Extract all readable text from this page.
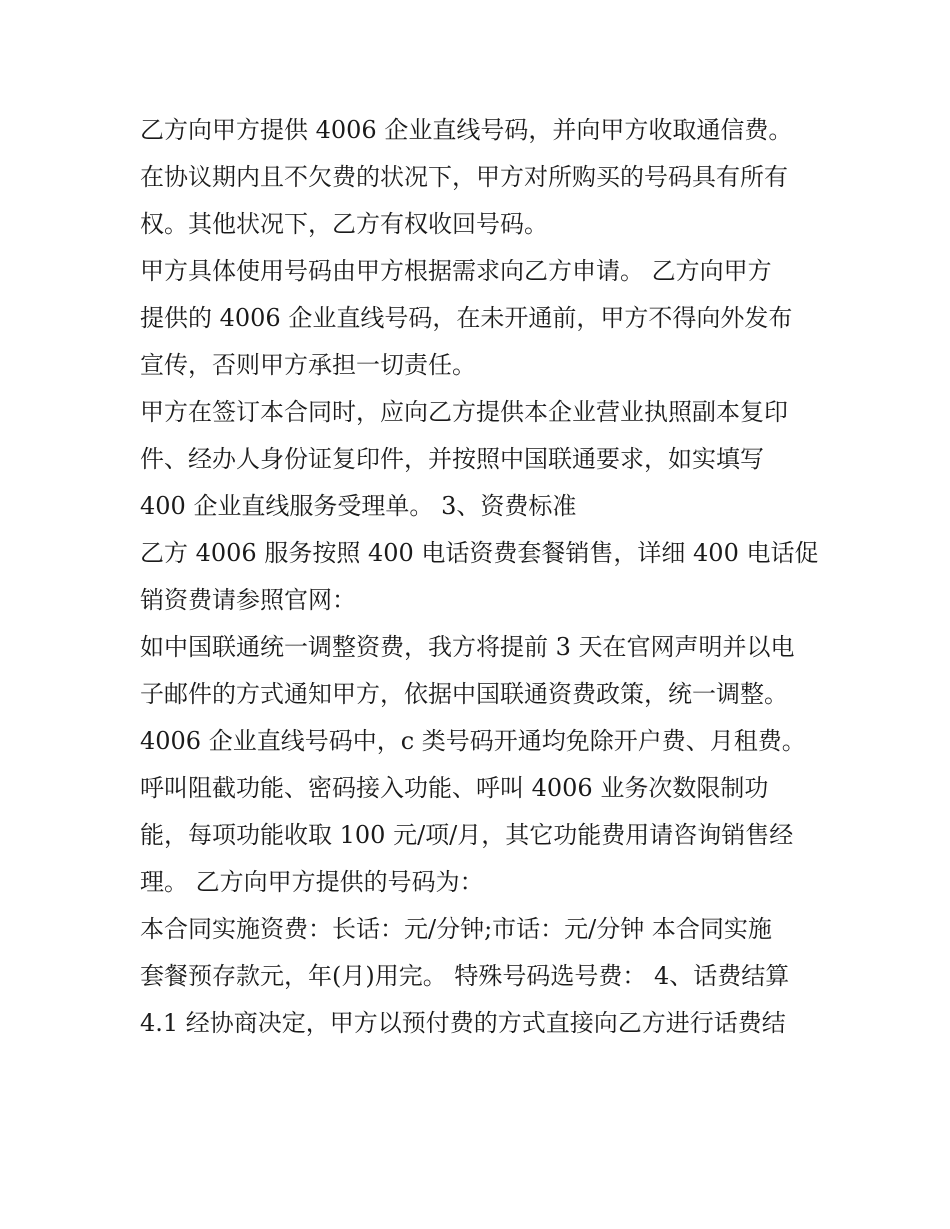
乙方向甲方提供 4006 企业直线号码，并向甲方收取通信费。
在协议期内且不欠费的状况下，甲方对所购买的号码具有所有
权。其他状况下，乙方有权收回号码。
甲方具体使用号码由甲方根据需求向乙方申请。 乙方向甲方
提供的 4006 企业直线号码，在未开通前，甲方不得向外发布
宣传，否则甲方承担一切责任。
甲方在签订本合同时，应向乙方提供本企业营业执照副本复印
件、经办人身份证复印件，并按照中国联通要求，如实填写
400 企业直线服务受理单。 3、资费标准
乙方 4006 服务按照 400 电话资费套餐销售，详细 400 电话促
销资费请参照官网：
如中国联通统一调整资费，我方将提前 3 天在官网声明并以电
子邮件的方式通知甲方，依据中国联通资费政策，统一调整。
4006 企业直线号码中，c 类号码开通均免除开户费、月租费。
呼叫阻截功能、密码接入功能、呼叫 4006 业务次数限制功
能，每项功能收取 100 元/项/月，其它功能费用请咨询销售经
理。 乙方向甲方提供的号码为：
本合同实施资费：长话：元/分钟;市话：元/分钟 本合同实施
套餐预存款元，年(月)用完。 特殊号码选号费： 4、话费结算
4.1 经协商决定，甲方以预付费的方式直接向乙方进行话费结
